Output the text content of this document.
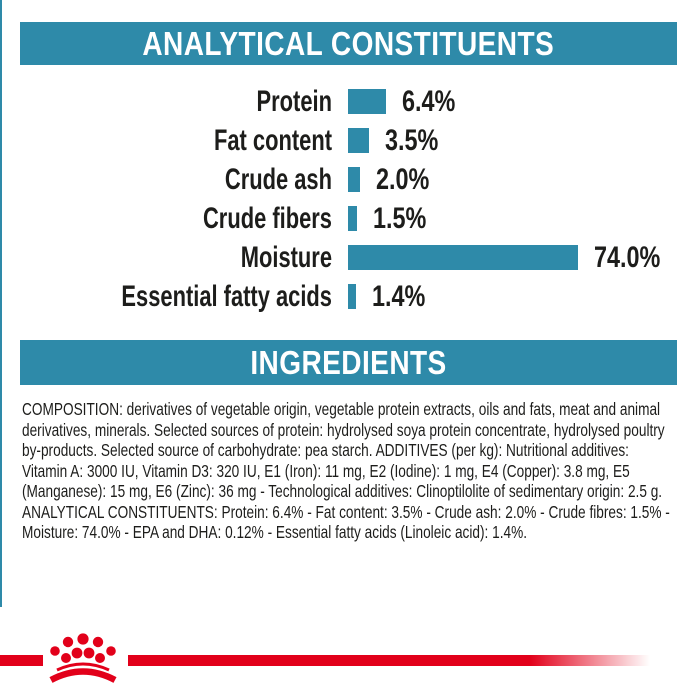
ANALYTICAL CONSTITUENTS
Protein 6.4%
Fat content 3.5%
Crude ash 2.0%
Crude fibers 1.5%
Moisture	74.0%
Essential fatty acids 1.4%
INGREDIENTS
COMPOSITION: derivatives of vegetable origin, vegetable protein extracts, oils and fats, meat and animal derivatives, minerals. Selected sources of protein: hydrolysed soya protein concentrate, hydrolysed poultry by-products. Selected source of carbohydrate: pea starch. ADDITIVES (per kg): Nutritional additives: Vitamin A: 3000 IU, Vitamin D3: 320 IU, E1 (Iron): 11 mg, E2 (Iodine): 1 mg, E4 (Copper): 3.8 mg, E5 (Manganese): 15 mg, E6 (Zinc): 36 mg - Technological additives: Clinoptilolite of sedimentary origin: 2.5 g. ANALYTICAL CONSTITUENTS: Protein: 6.4% - Fat content: 3.5% - Crude ash: 2.0% - Crude fibres: 1.5% - Moisture: 74.0% - EPA and DHA: 0.12% - Essential fatty acids (Linoleic acid): 1.4%.
